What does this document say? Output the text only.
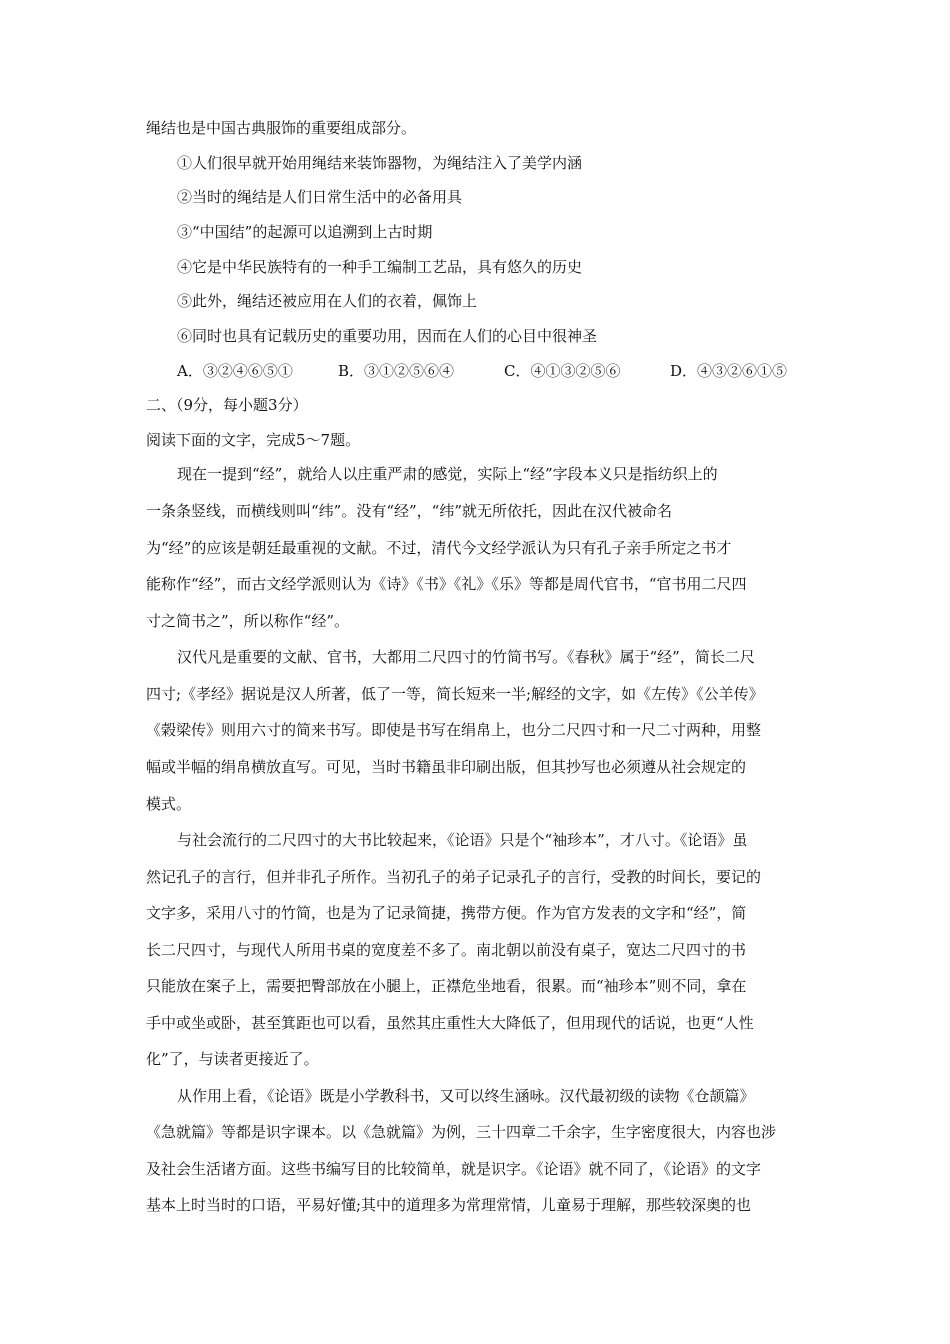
绳结也是中国古典服饰的重要组成部分。
①人们很早就开始用绳结来装饰器物，为绳结注入了美学内涵
②当时的绳结是人们日常生活中的必备用具
③“中国结”的起源可以追溯到上古时期
④它是中华民族特有的一种手工编制工艺品，具有悠久的历史
⑤此外，绳结还被应用在人们的衣着，佩饰上
⑥同时也具有记载历史的重要功用，因而在人们的心目中很神圣
A．③②④⑥⑤①	B．③①②⑤⑥④	C．④①③②⑤⑥	D．④③②⑥①⑤
二、（9分，每小题3分）
阅读下面的文字，完成5～7题。
现在一提到“经”，就给人以庄重严肃的感觉，实际上“经”字段本义只是指纺织上的
一条条竖线，而横线则叫“纬”。没有“经”，“纬”就无所依托，因此在汉代被命名
为“经”的应该是朝廷最重视的文献。不过，清代今文经学派认为只有孔子亲手所定之书才
能称作“经”，而古文经学派则认为《诗》《书》《礼》《乐》等都是周代官书，“官书用二尺四
寸之简书之”，所以称作“经”。
汉代凡是重要的文献、官书，大都用二尺四寸的竹简书写。《春秋》属于“经”，简长二尺
四寸;《孝经》据说是汉人所著，低了一等，简长短来一半;解经的文字，如《左传》《公羊传》
《榖梁传》则用六寸的简来书写。即使是书写在绢帛上，也分二尺四寸和一尺二寸两种，用整
幅或半幅的绢帛横放直写。可见，当时书籍虽非印刷出版，但其抄写也必须遵从社会规定的
模式。
与社会流行的二尺四寸的大书比较起来，《论语》只是个“袖珍本”，才八寸。《论语》虽
然记孔子的言行，但并非孔子所作。当初孔子的弟子记录孔子的言行，受教的时间长，要记的
文字多，采用八寸的竹简，也是为了记录简捷，携带方便。作为官方发表的文字和“经”，简
长二尺四寸，与现代人所用书桌的宽度差不多了。南北朝以前没有桌子，宽达二尺四寸的书
只能放在案子上，需要把臀部放在小腿上，正襟危坐地看，很累。而“袖珍本”则不同，拿在
手中或坐或卧，甚至箕距也可以看，虽然其庄重性大大降低了，但用现代的话说，也更“人性
化”了，与读者更接近了。
从作用上看，《论语》既是小学教科书，又可以终生涵咏。汉代最初级的读物《仓颉篇》
《急就篇》等都是识字课本。以《急就篇》为例，三十四章二千余字，生字密度很大，内容也涉
及社会生活诸方面。这些书编写目的比较简单，就是识字。《论语》就不同了，《论语》的文字
基本上时当时的口语，平易好懂;其中的道理多为常理常情，儿童易于理解，那些较深奥的也
